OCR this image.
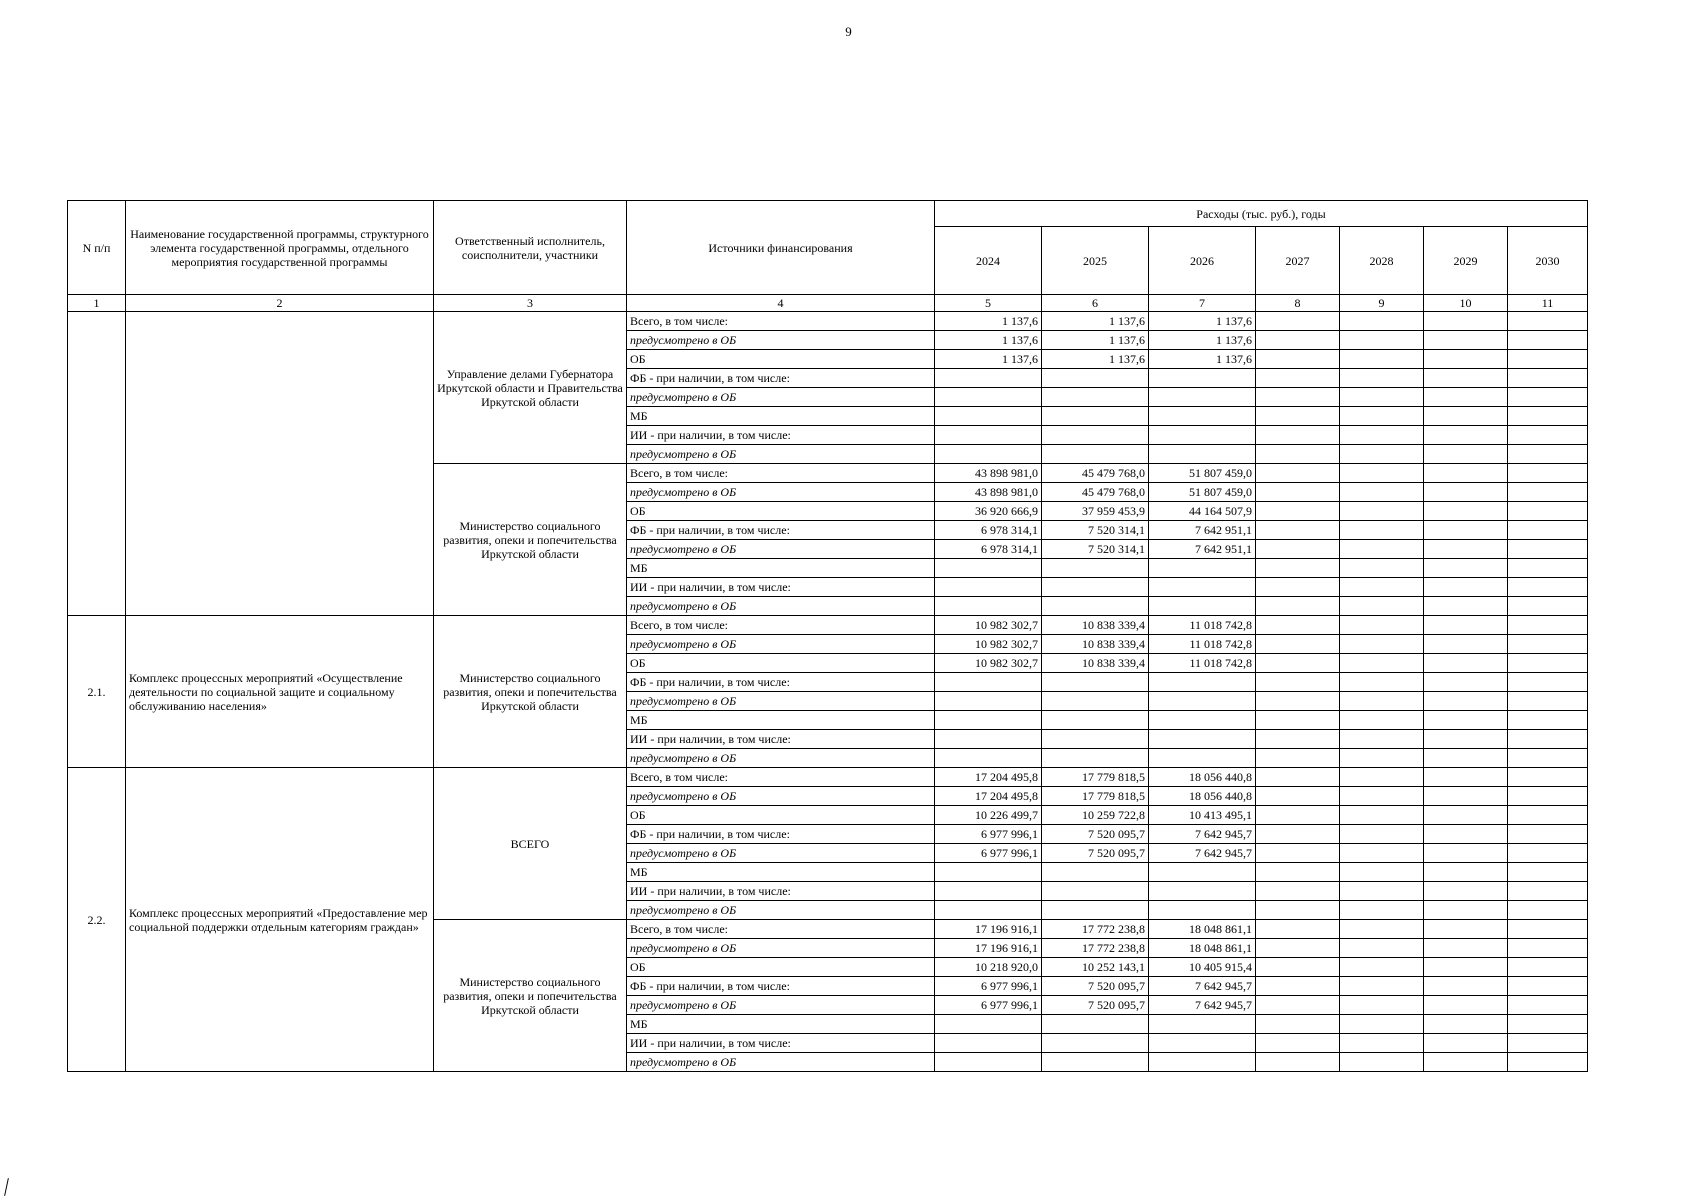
9
N п/п	Наименование государственной программы, структурного элемента государственной программы, отдельного мероприятия государственной программы	Ответственный исполнитель, соисполнители, участники	Источники финансирования	Расходы (тыс. руб.), годы						
				2024	2025	2026	2027	2028	2029	2030
1	2	3	4	5	6	7	8	9	10	11
		Управление делами Губернатора Иркутской области и Правительства Иркутской области	Всего, в том числе:	1 137,6	1 137,6	1 137,6				
			предусмотрено в ОБ	1 137,6	1 137,6	1 137,6				
			ОБ	1 137,6	1 137,6	1 137,6				
			ФБ - при наличии, в том числе:							
			предусмотрено в ОБ							
			МБ							
			ИИ - при наличии, в том числе:							
			предусмотрено в ОБ							
		Министерство социального развития, опеки и попечительства Иркутской области	Всего, в том числе:	43 898 981,0	45 479 768,0	51 807 459,0				
			предусмотрено в ОБ	43 898 981,0	45 479 768,0	51 807 459,0				
			ОБ	36 920 666,9	37 959 453,9	44 164 507,9				
			ФБ - при наличии, в том числе:	6 978 314,1	7 520 314,1	7 642 951,1				
			предусмотрено в ОБ	6 978 314,1	7 520 314,1	7 642 951,1				
			МБ							
			ИИ - при наличии, в том числе:							
			предусмотрено в ОБ							
2.1.	Комплекс процессных мероприятий «Осуществление деятельности по социальной защите и социальному обслуживанию населения»	Министерство социального развития, опеки и попечительства Иркутской области	Всего, в том числе:	10 982 302,7	10 838 339,4	11 018 742,8				
			предусмотрено в ОБ	10 982 302,7	10 838 339,4	11 018 742,8				
			ОБ	10 982 302,7	10 838 339,4	11 018 742,8				
			ФБ - при наличии, в том числе:							
			предусмотрено в ОБ							
			МБ							
			ИИ - при наличии, в том числе:							
			предусмотрено в ОБ							
2.2.	Комплекс процессных мероприятий «Предоставление мер социальной поддержки отдельным категориям граждан»	ВСЕГО	Всего, в том числе:	17 204 495,8	17 779 818,5	18 056 440,8				
			предусмотрено в ОБ	17 204 495,8	17 779 818,5	18 056 440,8				
			ОБ	10 226 499,7	10 259 722,8	10 413 495,1				
			ФБ - при наличии, в том числе:	6 977 996,1	7 520 095,7	7 642 945,7				
			предусмотрено в ОБ	6 977 996,1	7 520 095,7	7 642 945,7				
			МБ							
			ИИ - при наличии, в том числе:							
			предусмотрено в ОБ							
		Министерство социального развития, опеки и попечительства Иркутской области	Всего, в том числе:	17 196 916,1	17 772 238,8	18 048 861,1				
			предусмотрено в ОБ	17 196 916,1	17 772 238,8	18 048 861,1				
			ОБ	10 218 920,0	10 252 143,1	10 405 915,4				
			ФБ - при наличии, в том числе:	6 977 996,1	7 520 095,7	7 642 945,7				
			предусмотрено в ОБ	6 977 996,1	7 520 095,7	7 642 945,7				
			МБ							
			ИИ - при наличии, в том числе:							
			предусмотрено в ОБ							
